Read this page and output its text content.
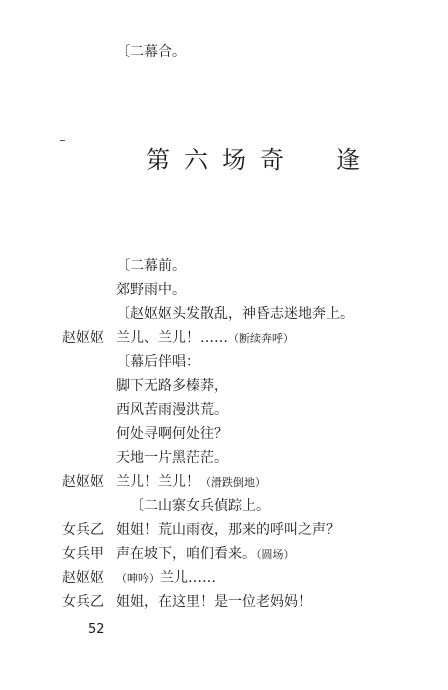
〔二幕合。
第六场奇　逢
〔二幕前。
郊野雨中。
〔赵妪妪头发散乱，神昏志迷地奔上。
赵妪妪 兰儿、兰儿！……（断续奔呼）
〔幕后伴唱：
脚下无路多榛莽，
西风苦雨漫洪荒。
何处寻啊何处往？
天地一片黑茫茫。
赵妪妪 兰儿！兰儿！（滑跌倒地）
〔二山寨女兵偵踪上。
女兵乙 姐姐！荒山雨夜，那来的呼叫之声？
女兵甲 声在坡下，咱们看来。（圆场）
赵妪妪 （呻吟）兰儿……
女兵乙 姐姐，在这里！是一位老妈妈！
52
